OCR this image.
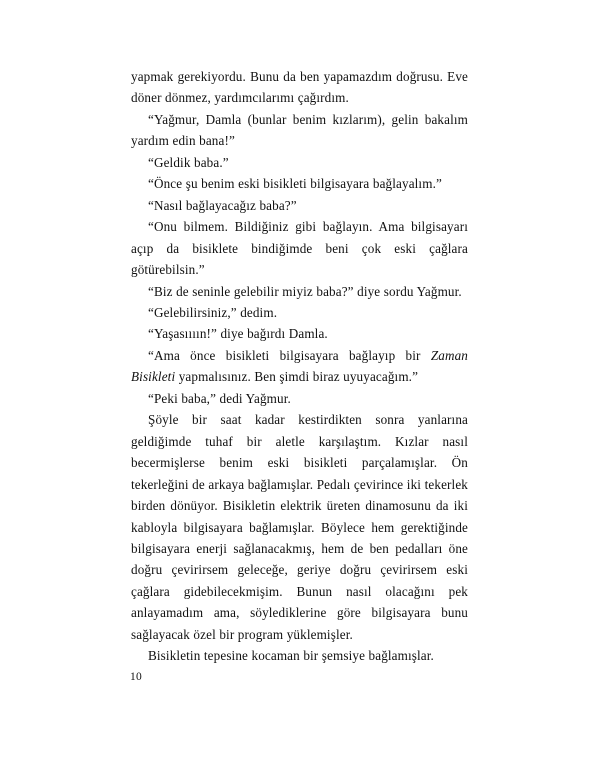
yapmak gerekiyordu. Bunu da ben yapamazdım doğrusu. Eve döner dönmez, yardımcılarımı çağırdım.

“Yağmur, Damla (bunlar benim kızlarım), gelin bakalım yardım edin bana!”

“Geldik baba.”

“Önce şu benim eski bisikleti bilgisayara bağlayalım.”

“Nasıl bağlayacağız baba?”

“Onu bilmem. Bildiğiniz gibi bağlayın. Ama bilgisayarı açıp da bisiklete bindiğimde beni çok eski çağlara götürebilsin.”

“Biz de seninle gelebilir miyiz baba?” diye sordu Yağmur.

“Gelebilirsiniz,” dedim.

“Yaşasıııın!” diye bağırdı Damla.

“Ama önce bisikleti bilgisayara bağlayıp bir Zaman Bisikleti yapmalısınız. Ben şimdi biraz uyuyacağım.”

“Peki baba,” dedi Yağmur.

Şöyle bir saat kadar kestirdikten sonra yanlarına geldiğimde tuhaf bir aletle karşılaştım. Kızlar nasıl becermişlerse benim eski bisikleti parçalamışlar. Ön tekerleğini de arkaya bağlamışlar. Pedalı çevirince iki tekerlek birden dönüyor. Bisikletin elektrik üreten dinamosunu da iki kabloyla bilgisayara bağlamışlar. Böylece hem gerektiğinde bilgisayara enerji sağlanacakmış, hem de ben pedalları öne doğru çevirirsem geleceğe, geriye doğru çevirirsem eski çağlara gidebilecekmişim. Bunun nasıl olacağını pek anlayamadım ama, söylediklerine göre bilgisayara bunu sağlayacak özel bir program yüklemişler.

Bisikletin tepesine kocaman bir şemsiye bağlamışlar.

10
